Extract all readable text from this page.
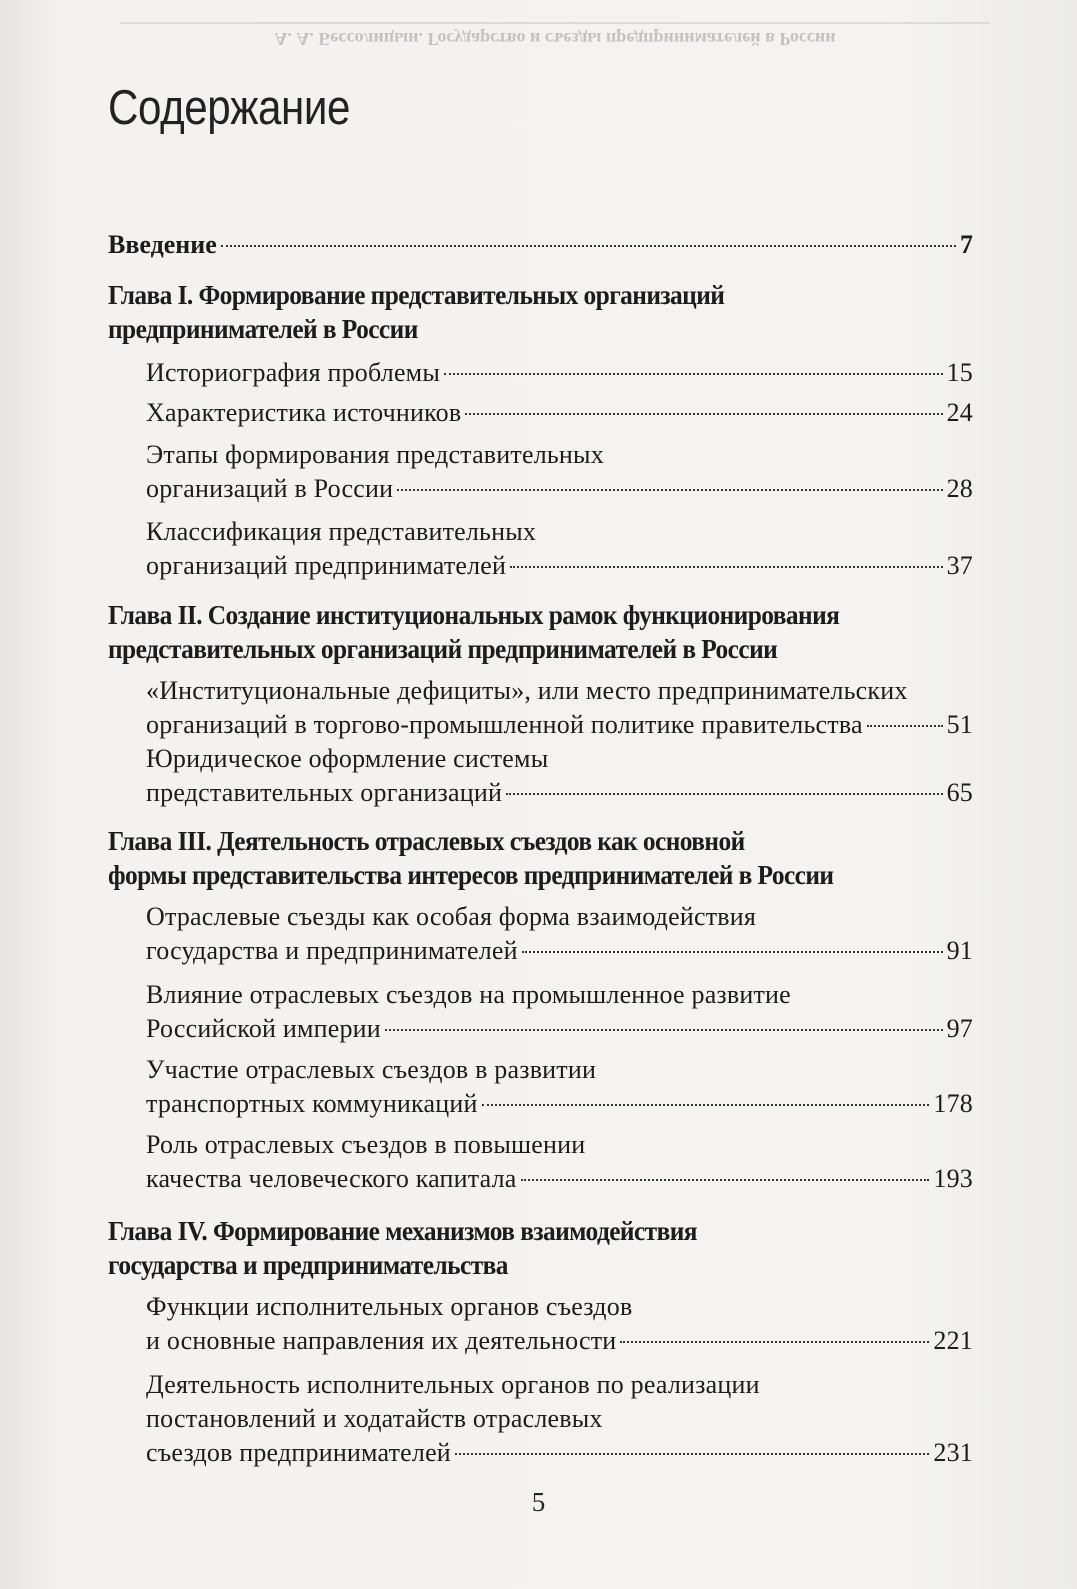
А. А. Бессолицын. Государство и съезды предпринимателей в России
Содержание
Введение	7
Глава I. Формирование представительных организаций
предпринимателей в России
Историография проблемы	15
Характеристика источников	24
Этапы формирования представительных
организаций в России	28
Классификация представительных
организаций предпринимателей	37
Глава II. Создание институциональных рамок функционирования
представительных организаций предпринимателей в России
«Институциональные дефициты», или место предпринимательских
организаций в торгово-промышленной политике правительства	51
Юридическое оформление системы
представительных организаций	65
Глава III. Деятельность отраслевых съездов как основной
формы представительства интересов предпринимателей в России
Отраслевые съезды как особая форма взаимодействия
государства и предпринимателей	91
Влияние отраслевых съездов на промышленное развитие
Российской империи	97
Участие отраслевых съездов в развитии
транспортных коммуникаций	178
Роль отраслевых съездов в повышении
качества человеческого капитала	193
Глава IV. Формирование механизмов взаимодействия
государства и предпринимательства
Функции исполнительных органов съездов
и основные направления их деятельности	221
Деятельность исполнительных органов по реализации
постановлений и ходатайств отраслевых
съездов предпринимателей	231
5
